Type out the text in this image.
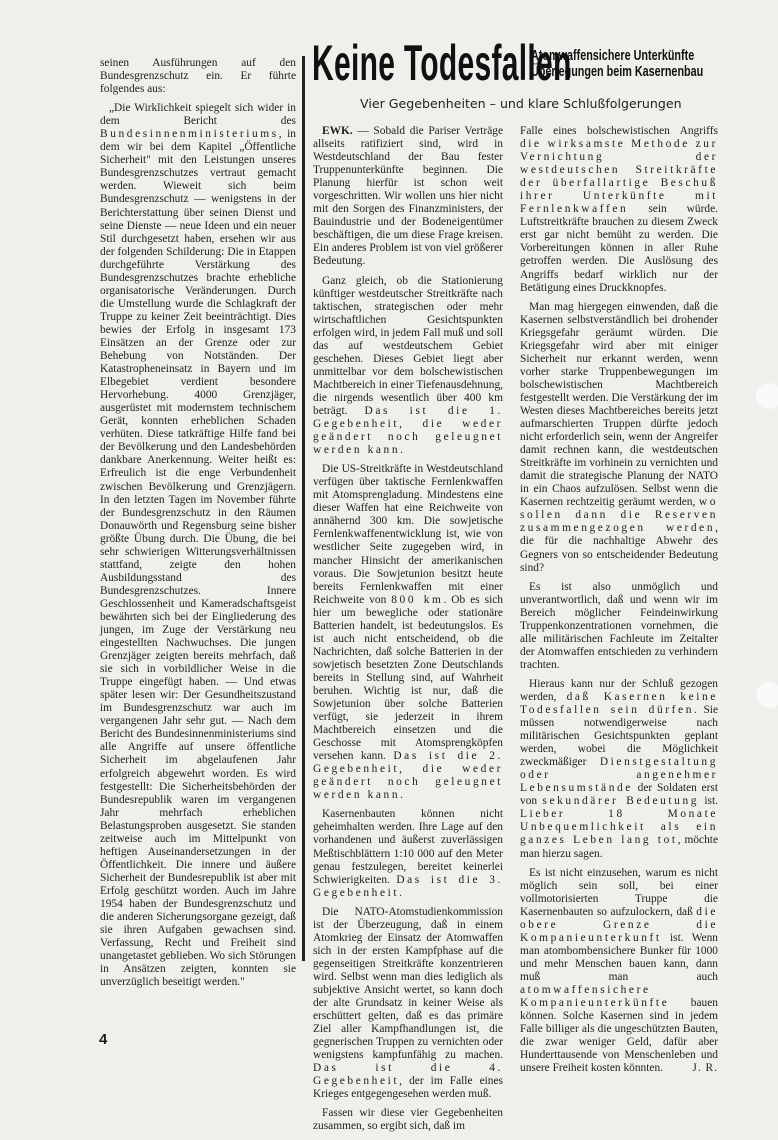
Keine Todesfallen
Atomwaffensichere Unterkünfte
Überlegungen beim Kasernenbau
Vier Gegebenheiten – und klare Schlußfolgerungen

seinen Ausführungen auf den Bundesgrenzschutz ein. Er führte folgendes aus:

„Die Wirklichkeit spiegelt sich wider in dem Bericht des Bundesinnenministeriums, in dem wir bei dem Kapitel „Öffentliche Sicherheit" mit den Leistungen unseres Bundesgrenzschutzes vertraut gemacht werden. Wieweit sich beim Bundesgrenzschutz — wenigstens in der Berichterstattung über seinen Dienst und seine Dienste — neue Ideen und ein neuer Stil durchgesetzt haben, ersehen wir aus der folgenden Schilderung: Die in Etappen durchgeführte Verstärkung des Bundesgrenzschutzes brachte erhebliche organisatorische Veränderungen. Durch die Umstellung wurde die Schlagkraft der Truppe zu keiner Zeit beeinträchtigt. Dies bewies der Erfolg in insgesamt 173 Einsätzen an der Grenze oder zur Behebung von Notständen. Der Katastropheneinsatz in Bayern und im Elbegebiet verdient besondere Hervorhebung. 4000 Grenzjäger, ausgerüstet mit modernstem technischem Gerät, konnten erheblichen Schaden verhüten. Diese tatkräftige Hilfe fand bei der Bevölkerung und den Landesbehörden dankbare Anerkennung. Weiter heißt es: Erfreulich ist die enge Verbundenheit zwischen Bevölkerung und Grenzjägern. In den letzten Tagen im November führte der Bundesgrenzschutz in den Räumen Donauwörth und Regensburg seine bisher größte Übung durch. Die Übung, die bei sehr schwierigen Witterungsverhältnissen stattfand, zeigte den hohen Ausbildungsstand des Bundesgrenzschutzes. Innere Geschlossenheit und Kameradschaftsgeist bewährten sich bei der Eingliederung des jungen, im Zuge der Verstärkung neu eingestellten Nachwuchses. Die jungen Grenzjäger zeigten bereits mehrfach, daß sie sich in vorbildlicher Weise in die Truppe eingefügt haben. — Und etwas später lesen wir: Der Gesundheitszustand im Bundesgrenzschutz war auch im vergangenen Jahr sehr gut. — Nach dem Bericht des Bundesinnenministeriums sind alle Angriffe auf unsere öffentliche Sicherheit im abgelaufenen Jahr erfolgreich abgewehrt worden. Es wird festgestellt: Die Sicherheitsbehörden der Bundesrepublik waren im vergangenen Jahr mehrfach erheblichen Belastungsproben ausgesetzt. Sie standen zeitweise auch im Mittelpunkt von heftigen Auseinandersetzungen in der Öffentlichkeit. Die innere und äußere Sicherheit der Bundesrepublik ist aber mit Erfolg geschützt worden. Auch im Jahre 1954 haben der Bundesgrenzschutz und die anderen Sicherungsorgane gezeigt, daß sie ihren Aufgaben gewachsen sind. Verfassung, Recht und Freiheit sind unangetastet geblieben. Wo sich Störungen in Ansätzen zeigten, konnten sie unverzüglich beseitigt werden."

EWK. — Sobald die Pariser Verträge allseits ratifiziert sind, wird in Westdeutschland der Bau fester Truppenunterkünfte beginnen. Die Planung hierfür ist schon weit vorgeschritten. Wir wollen uns hier nicht mit den Sorgen des Finanzministers, der Bauindustrie und der Bodeneigentümer beschäftigen, die um diese Frage kreisen. Ein anderes Problem ist von viel größerer Bedeutung.

Ganz gleich, ob die Stationierung künftiger westdeutscher Streitkräfte nach taktischen, strategischen oder mehr wirtschaftlichen Gesichtspunkten erfolgen wird, in jedem Fall muß und soll das auf westdeutschem Gebiet geschehen. Dieses Gebiet liegt aber unmittelbar vor dem bolschewistischen Machtbereich in einer Tiefenausdehnung, die nirgends wesentlich über 400 km beträgt. Das ist die 1. Gegebenheit, die weder geändert noch geleugnet werden kann.

Die US-Streitkräfte in Westdeutschland verfügen über taktische Fernlenkwaffen mit Atomsprengladung. Mindestens eine dieser Waffen hat eine Reichweite von annähernd 300 km. Die sowjetische Fernlenkwaffenentwicklung ist, wie von westlicher Seite zugegeben wird, in mancher Hinsicht der amerikanischen voraus. Die Sowjetunion besitzt heute bereits Fernlenkwaffen mit einer Reichweite von 800 km. Ob es sich hier um bewegliche oder stationäre Batterien handelt, ist bedeutungslos. Es ist auch nicht entscheidend, ob die Nachrichten, daß solche Batterien in der sowjetisch besetzten Zone Deutschlands bereits in Stellung sind, auf Wahrheit beruhen. Wichtig ist nur, daß die Sowjetunion über solche Batterien verfügt, sie jederzeit in ihrem Machtbereich einsetzen und die Geschosse mit Atomsprengköpfen versehen kann. Das ist die 2. Gegebenheit, die weder geändert noch geleugnet werden kann.

Kasernenbauten können nicht geheimhalten werden. Ihre Lage auf den vorhandenen und äußerst zuverlässigen Meßtischblättern 1:10 000 auf den Meter genau festzulegen, bereitet keinerlei Schwierigkeiten. Das ist die 3. Gegebenheit.

Die NATO-Atomstudienkommission ist der Überzeugung, daß in einem Atomkrieg der Einsatz der Atomwaffen sich in der ersten Kampfphase auf die gegenseitigen Streitkräfte konzentrieren wird. Selbst wenn man dies lediglich als subjektive Ansicht wertet, so kann doch der alte Grundsatz in keiner Weise als erschüttert gelten, daß es das primäre Ziel aller Kampfhandlungen ist, die gegnerischen Truppen zu vernichten oder wenigstens kampfunfähig zu machen. Das ist die 4. Gegebenheit, der im Falle eines Krieges entgegengesehen werden muß.

Fassen wir diese vier Gegebenheiten zusammen, so ergibt sich, daß im

Falle eines bolschewistischen Angriffs die wirksamste Methode zur Vernichtung der westdeutschen Streitkräfte der überfallartige Beschuß ihrer Unterkünfte mit Fernlenkwaffen sein würde. Luftstreitkräfte brauchen zu diesem Zweck erst gar nicht bemüht zu werden. Die Vorbereitungen können in aller Ruhe getroffen werden. Die Auslösung des Angriffs bedarf wirklich nur der Betätigung eines Druckknopfes.

Man mag hiergegen einwenden, daß die Kasernen selbstverständlich bei drohender Kriegsgefahr geräumt würden. Die Kriegsgefahr wird aber mit einiger Sicherheit nur erkannt werden, wenn vorher starke Truppenbewegungen im bolschewistischen Machtbereich festgestellt werden. Die Verstärkung der im Westen dieses Machtbereiches bereits jetzt aufmarschierten Truppen dürfte jedoch nicht erforderlich sein, wenn der Angreifer damit rechnen kann, die westdeutschen Streitkräfte im vorhinein zu vernichten und damit die strategische Planung der NATO in ein Chaos aufzulösen. Selbst wenn die Kasernen rechtzeitig geräumt werden, wo sollen dann die Reserven zusammengezogen werden, die für die nachhaltige Abwehr des Gegners von so entscheidender Bedeutung sind?

Es ist also unmöglich und unverantwortlich, daß und wenn wir im Bereich möglicher Feindeinwirkung Truppenkonzentrationen vornehmen, die alle militärischen Fachleute im Zeitalter der Atomwaffen entschieden zu verhindern trachten.

Hieraus kann nur der Schluß gezogen werden, daß Kasernen keine Todesfallen sein dürfen. Sie müssen notwendigerweise nach militärischen Gesichtspunkten geplant werden, wobei die Möglichkeit zweckmäßiger Dienstgestaltung oder angenehmer Lebensumstände der Soldaten erst von sekundärer Bedeutung ist. Lieber 18 Monate Unbequemlichkeit als ein ganzes Leben lang tot, möchte man hierzu sagen.

Es ist nicht einzusehen, warum es nicht möglich sein soll, bei einer vollmotorisierten Truppe die Kasernenbauten so aufzulockern, daß die obere Grenze die Kompanieunterkunft ist. Wenn man atombombensichere Bunker für 1000 und mehr Menschen bauen kann, dann muß man auch atomwaffensichere Kompanieunterkünfte bauen können. Solche Kasernen sind in jedem Falle billiger als die ungeschützten Bauten, die zwar weniger Geld, dafür aber Hunderttausende von Menschenleben und unsere Freiheit kosten könnten.	J. R.

4
